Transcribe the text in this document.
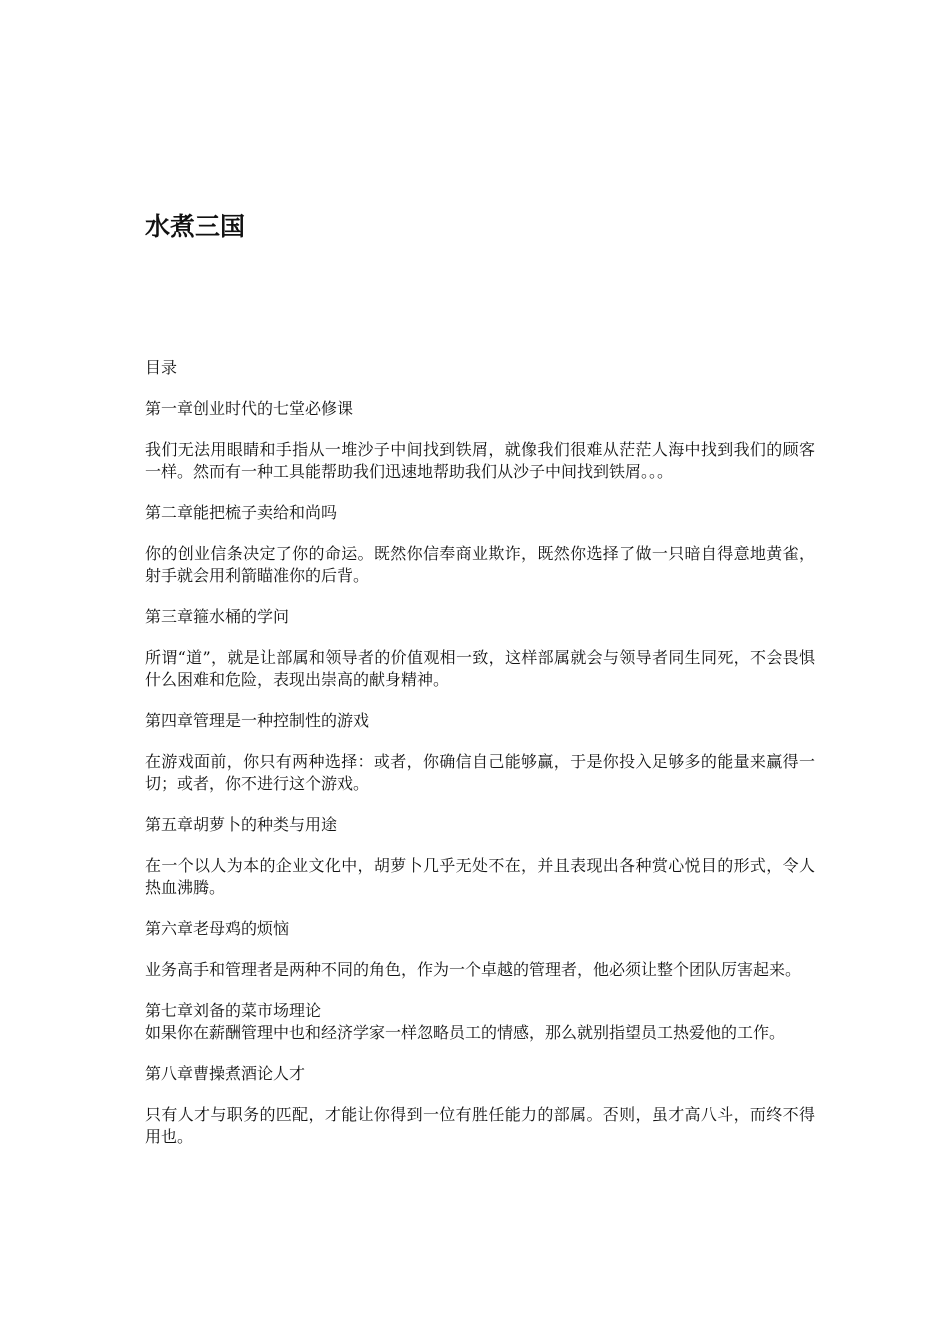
水煮三国

目录

第一章创业时代的七堂必修课

我们无法用眼睛和手指从一堆沙子中间找到铁屑，就像我们很难从茫茫人海中找到我们的顾客一样。然而有一种工具能帮助我们迅速地帮助我们从沙子中间找到铁屑。。。

第二章能把梳子卖给和尚吗

你的创业信条决定了你的命运。既然你信奉商业欺诈，既然你选择了做一只暗自得意地黄雀，射手就会用利箭瞄准你的后背。

第三章箍水桶的学问

所谓“道”，就是让部属和领导者的价值观相一致，这样部属就会与领导者同生同死，不会畏惧什么困难和危险，表现出崇高的献身精神。

第四章管理是一种控制性的游戏

在游戏面前，你只有两种选择：或者，你确信自己能够赢，于是你投入足够多的能量来赢得一切；或者，你不进行这个游戏。

第五章胡萝卜的种类与用途

在一个以人为本的企业文化中，胡萝卜几乎无处不在，并且表现出各种赏心悦目的形式，令人热血沸腾。

第六章老母鸡的烦恼

业务高手和管理者是两种不同的角色，作为一个卓越的管理者，他必须让整个团队厉害起来。

第七章刘备的菜市场理论

如果你在薪酬管理中也和经济学家一样忽略员工的情感，那么就别指望员工热爱他的工作。

第八章曹操煮酒论人才

只有人才与职务的匹配，才能让你得到一位有胜任能力的部属。否则，虽才高八斗，而终不得用也。
